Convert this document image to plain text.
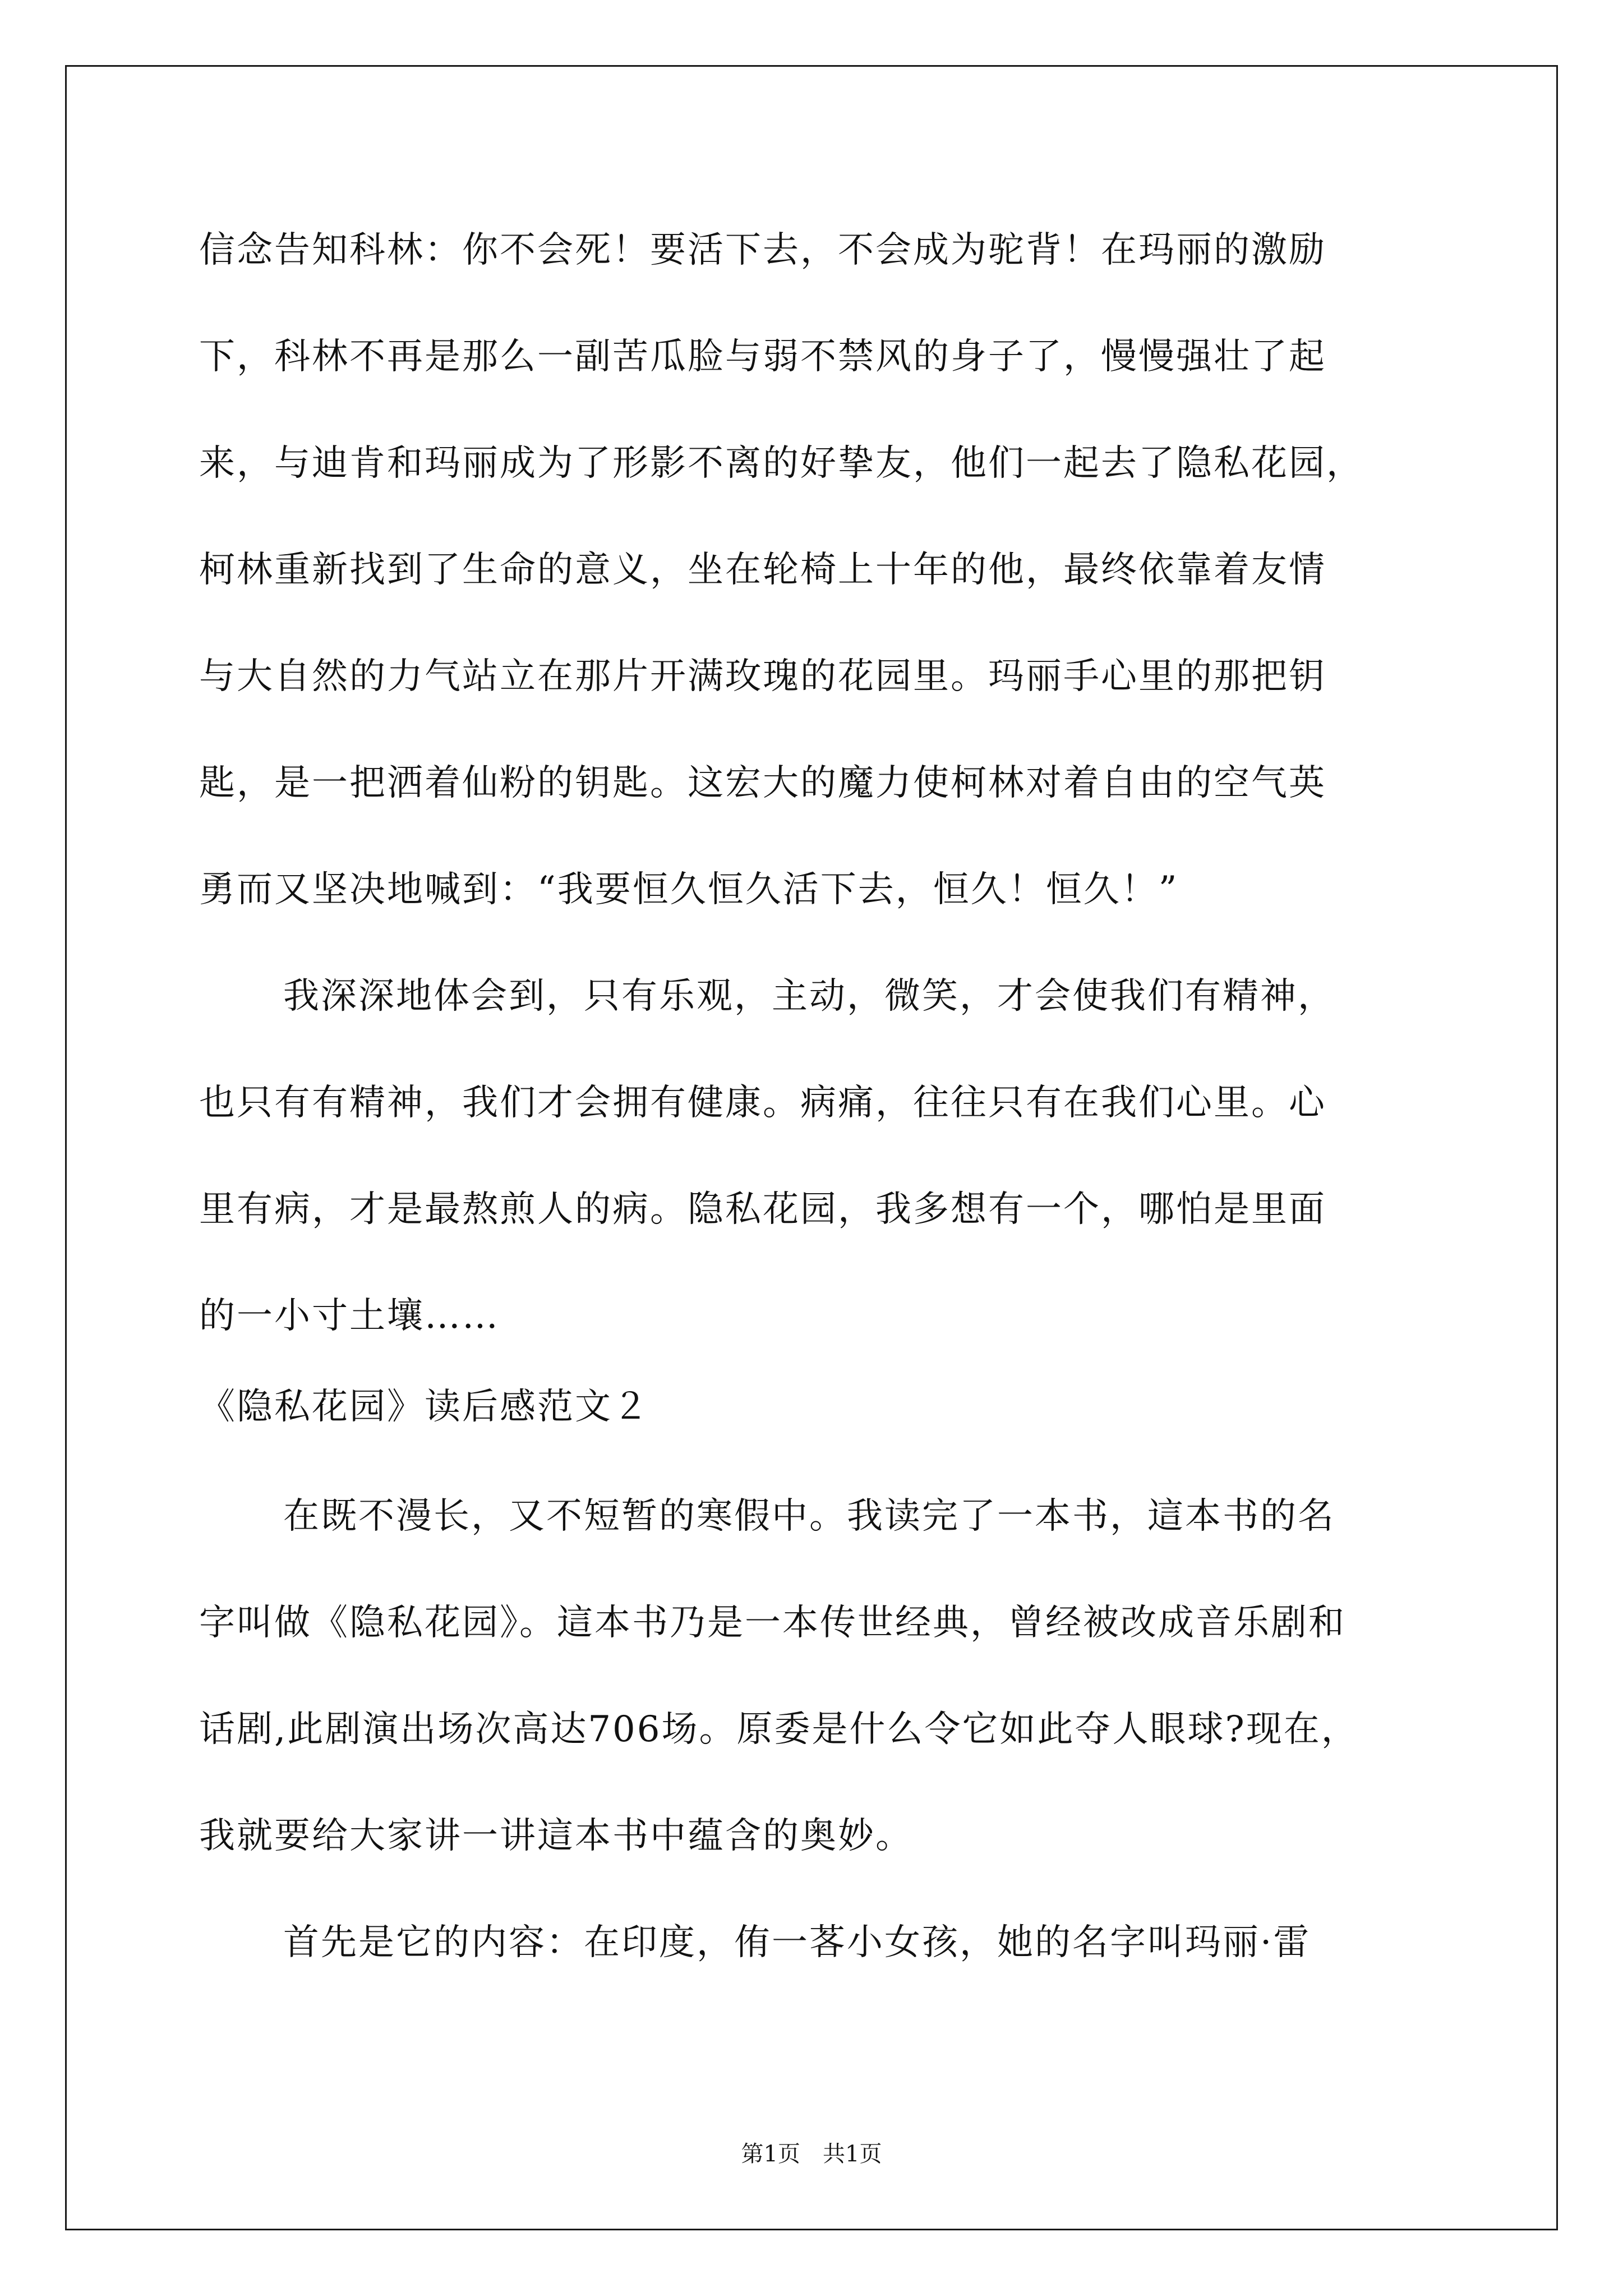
信念告知科林：你不会死！要活下去，不会成为驼背！在玛丽的激励
下，科林不再是那么一副苦瓜脸与弱不禁风的身子了，慢慢强壮了起
来，与迪肯和玛丽成为了形影不离的好挚友，他们一起去了隐私花园，
柯林重新找到了生命的意义，坐在轮椅上十年的他，最终依靠着友情
与大自然的力气站立在那片开满玫瑰的花园里。玛丽手心里的那把钥
匙，是一把洒着仙粉的钥匙。这宏大的魔力使柯林对着自由的空气英
勇而又坚决地喊到：“我要恒久恒久活下去，恒久！恒久！”
我深深地体会到，只有乐观，主动，微笑，才会使我们有精神，
也只有有精神，我们才会拥有健康。病痛，往往只有在我们心里。心
里有病，才是最熬煎人的病。隐私花园，我多想有一个，哪怕是里面
的一小寸土壤……
《隐私花园》读后感范文２
在既不漫长，又不短暂的寒假中。我读完了一本书，這本书的名
字叫做《隐私花园》。這本书乃是一本传世经典，曾经被改成音乐剧和
话剧,此剧演出场次高达706场。原委是什么令它如此夺人眼球?现在，
我就要给大家讲一讲這本书中蕴含的奥妙。
首先是它的内容：在印度，侑一茖小女孩，她的名字叫玛丽·雷
第1页 共1页
